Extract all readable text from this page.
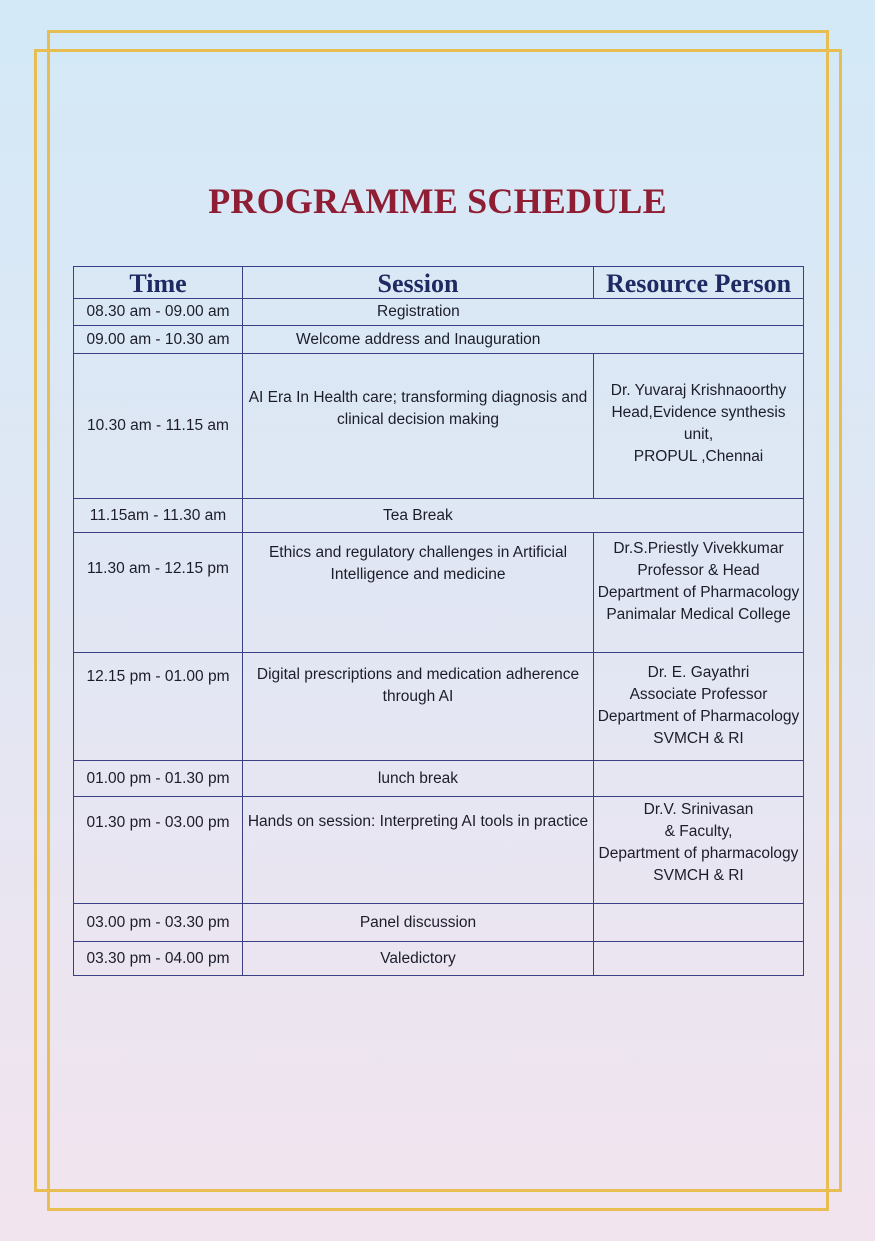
PROGRAMME SCHEDULE
Time	Session	Resource Person
08.30 am - 09.00 am	Registration	
09.00 am - 10.30 am	Welcome address and Inauguration	
10.30 am - 11.15 am	AI Era In Health care; transforming diagnosis and clinical decision making	Dr. Yuvaraj Krishnaoorthy
Head,Evidence synthesis unit,
PROPUL ,Chennai

11.15am - 11.30 am	Tea Break	

11.30 am - 12.15 pm	Ethics and regulatory challenges in Artificial Intelligence and medicine	Dr.S.Priestly Vivekkumar
Professor & Head
Department of Pharmacology
Panimalar Medical College

12.15 pm - 01.00 pm	Digital prescriptions and medication adherence through AI	Dr. E. Gayathri
Associate Professor
Department of Pharmacology
SVMCH & RI

01.00 pm - 01.30 pm	lunch break	

01.30 pm - 03.00 pm	Hands on session: Interpreting AI tools in practice	Dr.V. Srinivasan
& Faculty,
Department of pharmacology
SVMCH & RI

03.00 pm - 03.30 pm	Panel discussion	
03.30 pm - 04.00 pm	Valedictory	
